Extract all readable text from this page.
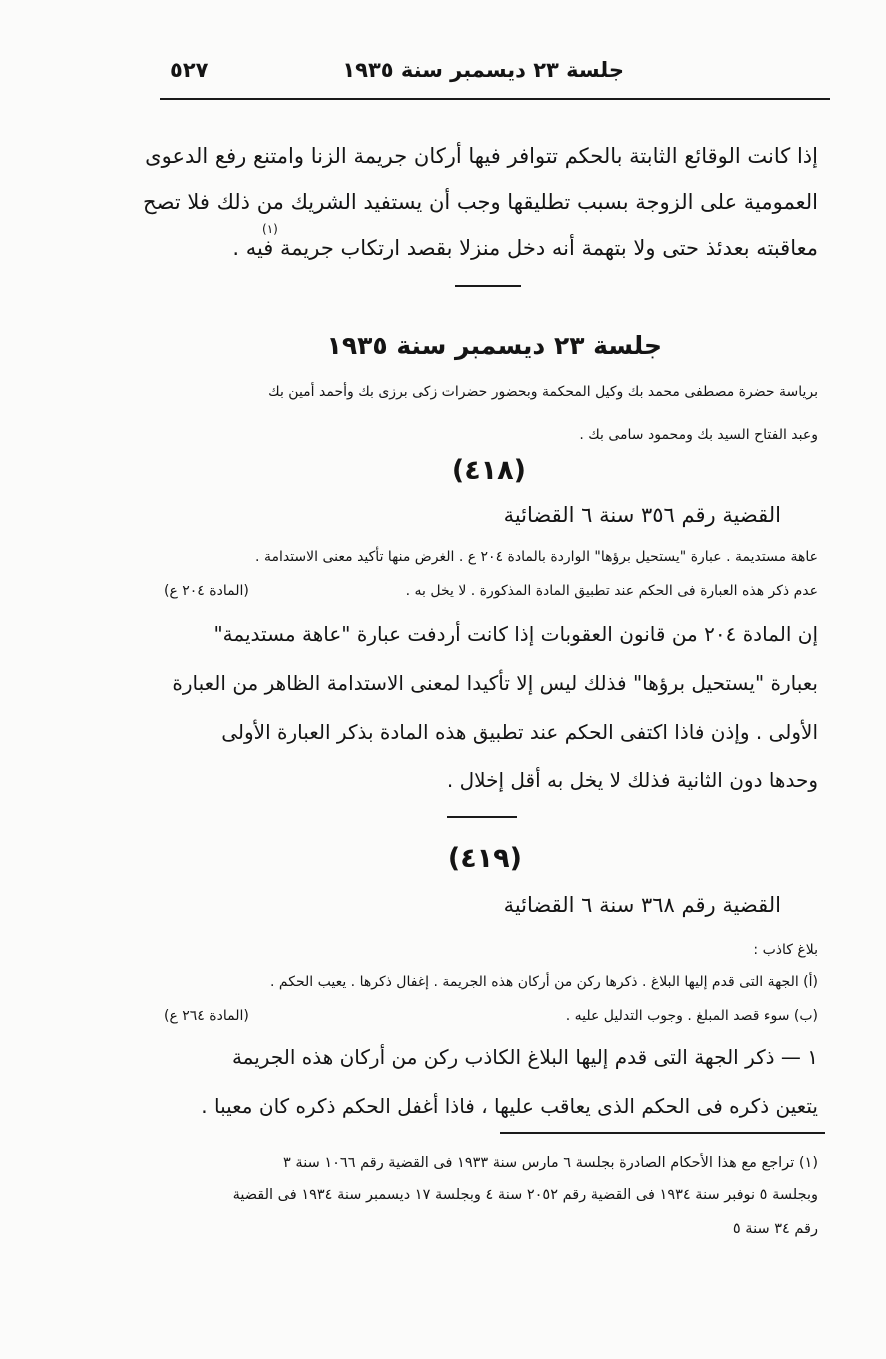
٥٢٧	جلسة ٢٣ ديسمبر سنة ١٩٣٥
إذا كانت الوقائع الثابتة بالحكم تتوافر فيها أركان جريمة الزنا وامتنع رفع الدعوى
العمومية على الزوجة بسبب تطليقها وجب أن يستفيد الشريك من ذلك فلا تصح
(١)
معاقبته بعدئذ حتى ولا بتهمة أنه دخل منزلا بقصد ارتكاب جريمة فيه .
جلسة ٢٣ ديسمبر سنة ١٩٣٥
برياسة حضرة مصطفى محمد بك وكيل المحكمة وبحضور حضرات زكى برزى بك وأحمد أمين بك
وعبد الفتاح السيد بك ومحمود سامى بك .
(٤١٨)
القضية رقم ٣٥٦ سنة ٦ القضائية
عاهة مستديمة . عبارة "يستحيل برؤها" الواردة بالمادة ٢٠٤ ع . الغرض منها تأكيد معنى الاستدامة .
عدم ذكر هذه العبارة فى الحكم عند تطبيق المادة المذكورة . لا يخل به .
(المادة ٢٠٤ ع)
إن المادة ٢٠٤ من قانون العقوبات إذا كانت أردفت عبارة "عاهة مستديمة"
بعبارة "يستحيل برؤها" فذلك ليس إلا تأكيدا لمعنى الاستدامة الظاهر من العبارة
الأولى . وإذن فاذا اكتفى الحكم عند تطبيق هذه المادة بذكر العبارة الأولى
وحدها دون الثانية فذلك لا يخل به أقل إخلال .
(٤١٩)
القضية رقم ٣٦٨ سنة ٦ القضائية
بلاغ كاذب :
(أ) الجهة التى قدم إليها البلاغ . ذكرها ركن من أركان هذه الجريمة . إغفال ذكرها . يعيب الحكم .
(ب) سوء قصد المبلغ . وجوب التدليل عليه .
(المادة ٢٦٤ ع)
١ — ذكر الجهة التى قدم إليها البلاغ الكاذب ركن من أركان هذه الجريمة
يتعين ذكره فى الحكم الذى يعاقب عليها ، فاذا أغفل الحكم ذكره كان معيبا .
(١) تراجع مع هذا الأحكام الصادرة بجلسة ٦ مارس سنة ١٩٣٣ فى القضية رقم ١٠٦٦ سنة ٣
وبجلسة ٥ نوفبر سنة ١٩٣٤ فى القضية رقم ٢٠٥٢ سنة ٤ وبجلسة ١٧ ديسمبر سنة ١٩٣٤ فى القضية
رقم ٣٤ سنة ٥
